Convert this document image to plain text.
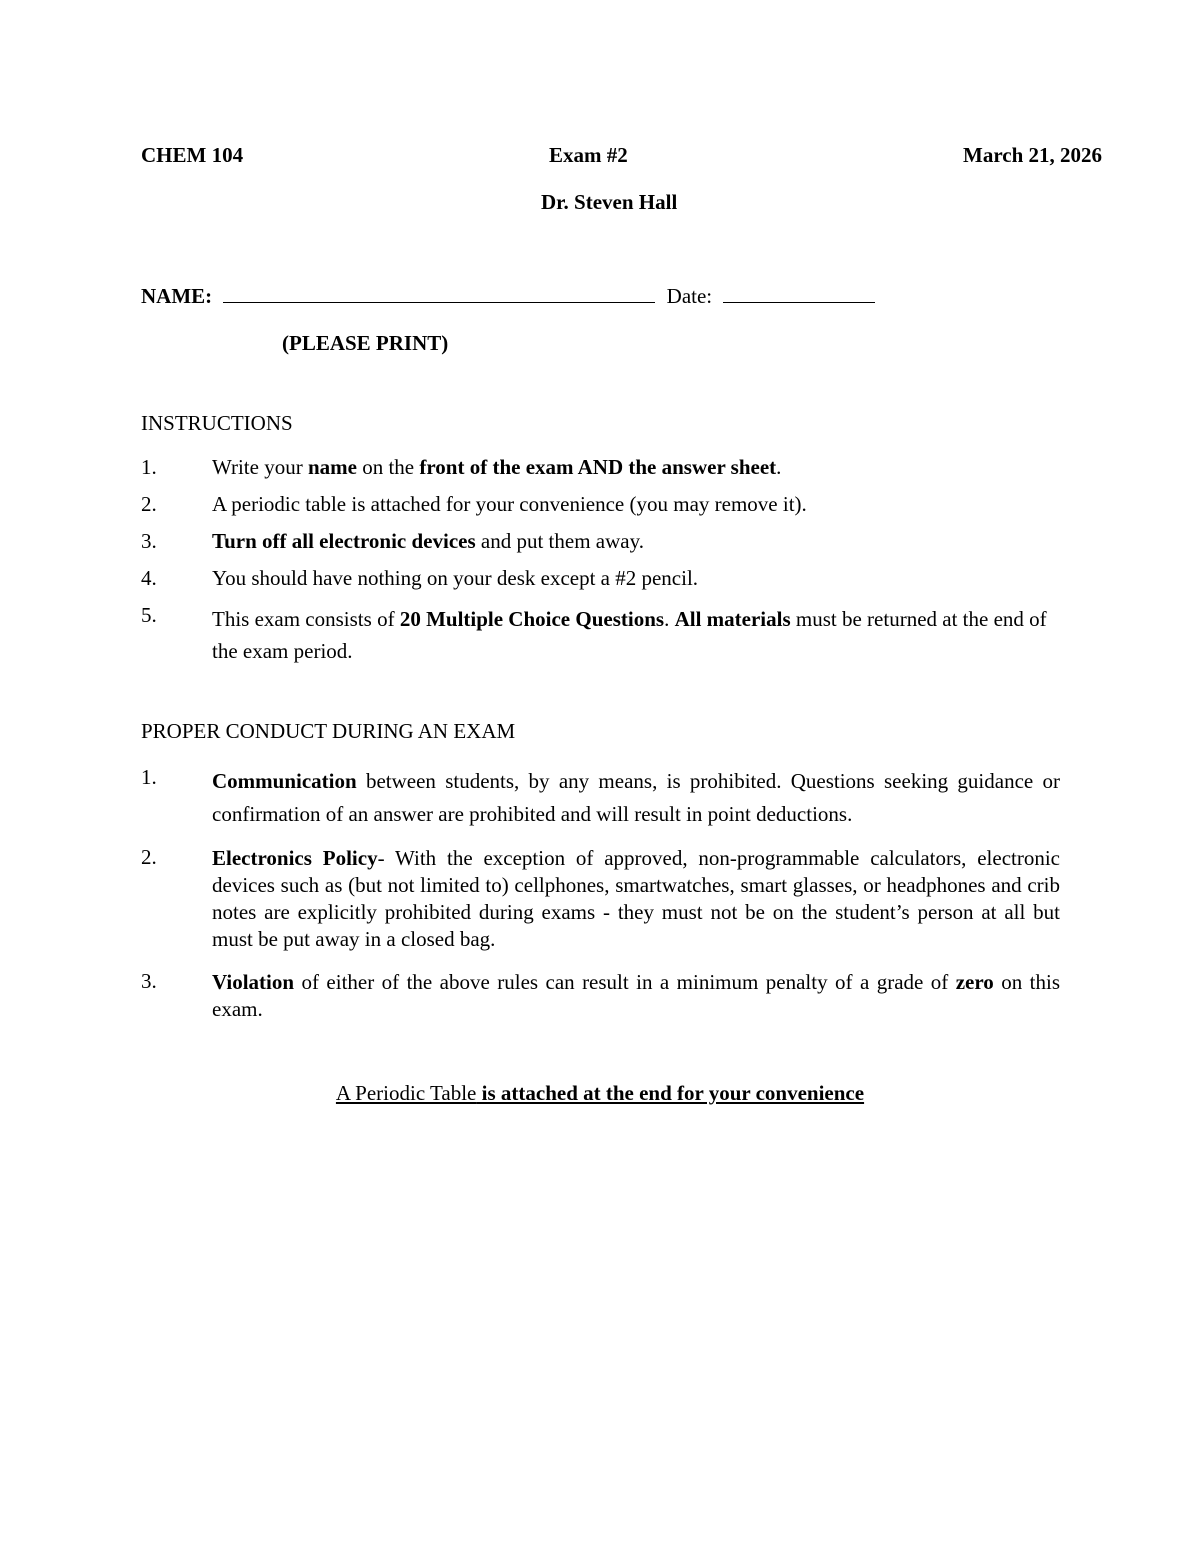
CHEM 104	Exam #2	March 21, 2026
Dr. Steven Hall
NAME:	Date:
(PLEASE PRINT)
INSTRUCTIONS
1.	Write your name on the front of the exam AND the answer sheet.
2.	A periodic table is attached for your convenience (you may remove it).
3.	Turn off all electronic devices and put them away.
4.	You should have nothing on your desk except a #2 pencil.
5.	This exam consists of 20 Multiple Choice Questions. All materials must be returned at the end of the exam period.
PROPER CONDUCT DURING AN EXAM
1.	Communication between students, by any means, is prohibited. Questions seeking guidance or confirmation of an answer are prohibited and will result in point deductions.
2.	Electronics Policy- With the exception of approved, non-programmable calculators, electronic devices such as (but not limited to) cellphones, smartwatches, smart glasses, or headphones and crib notes are explicitly prohibited during exams - they must not be on the student’s person at all but must be put away in a closed bag.
3.	Violation of either of the above rules can result in a minimum penalty of a grade of zero on this exam.
A Periodic Table is attached at the end for your convenience
